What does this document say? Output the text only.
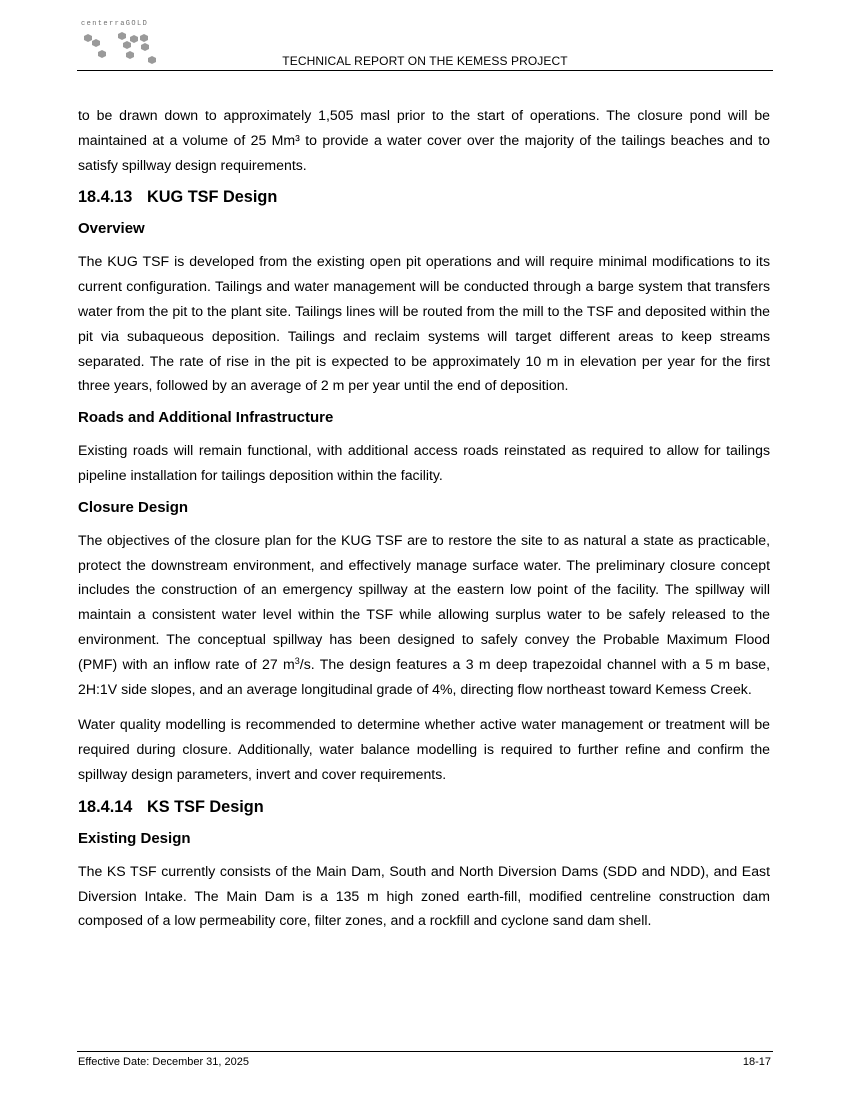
centerraGOLD
TECHNICAL REPORT ON THE KEMESS PROJECT

to be drawn down to approximately 1,505 masl prior to the start of operations. The closure pond will be maintained at a volume of 25 Mm³ to provide a water cover over the majority of the tailings beaches and to satisfy spillway design requirements.

18.4.13 KUG TSF Design
Overview

The KUG TSF is developed from the existing open pit operations and will require minimal modifications to its current configuration. Tailings and water management will be conducted through a barge system that transfers water from the pit to the plant site. Tailings lines will be routed from the mill to the TSF and deposited within the pit via subaqueous deposition. Tailings and reclaim systems will target different areas to keep streams separated. The rate of rise in the pit is expected to be approximately 10 m in elevation per year for the first three years, followed by an average of 2 m per year until the end of deposition.

Roads and Additional Infrastructure

Existing roads will remain functional, with additional access roads reinstated as required to allow for tailings pipeline installation for tailings deposition within the facility.

Closure Design

The objectives of the closure plan for the KUG TSF are to restore the site to as natural a state as practicable, protect the downstream environment, and effectively manage surface water. The preliminary closure concept includes the construction of an emergency spillway at the eastern low point of the facility. The spillway will maintain a consistent water level within the TSF while allowing surplus water to be safely released to the environment. The conceptual spillway has been designed to safely convey the Probable Maximum Flood (PMF) with an inflow rate of 27 $m^3/s$. The design features a 3 m deep trapezoidal channel with a 5 m base, 2H:1V side slopes, and an average longitudinal grade of 4%, directing flow northeast toward Kemess Creek.

Water quality modelling is recommended to determine whether active water management or treatment will be required during closure. Additionally, water balance modelling is required to further refine and confirm the spillway design parameters, invert and cover requirements.

18.4.14 KS TSF Design
Existing Design

The KS TSF currently consists of the Main Dam, South and North Diversion Dams (SDD and NDD), and East Diversion Intake. The Main Dam is a 135 m high zoned earth-fill, modified centreline construction dam composed of a low permeability core, filter zones, and a rockfill and cyclone sand dam shell.

Effective Date: December 31, 2025	18-17
